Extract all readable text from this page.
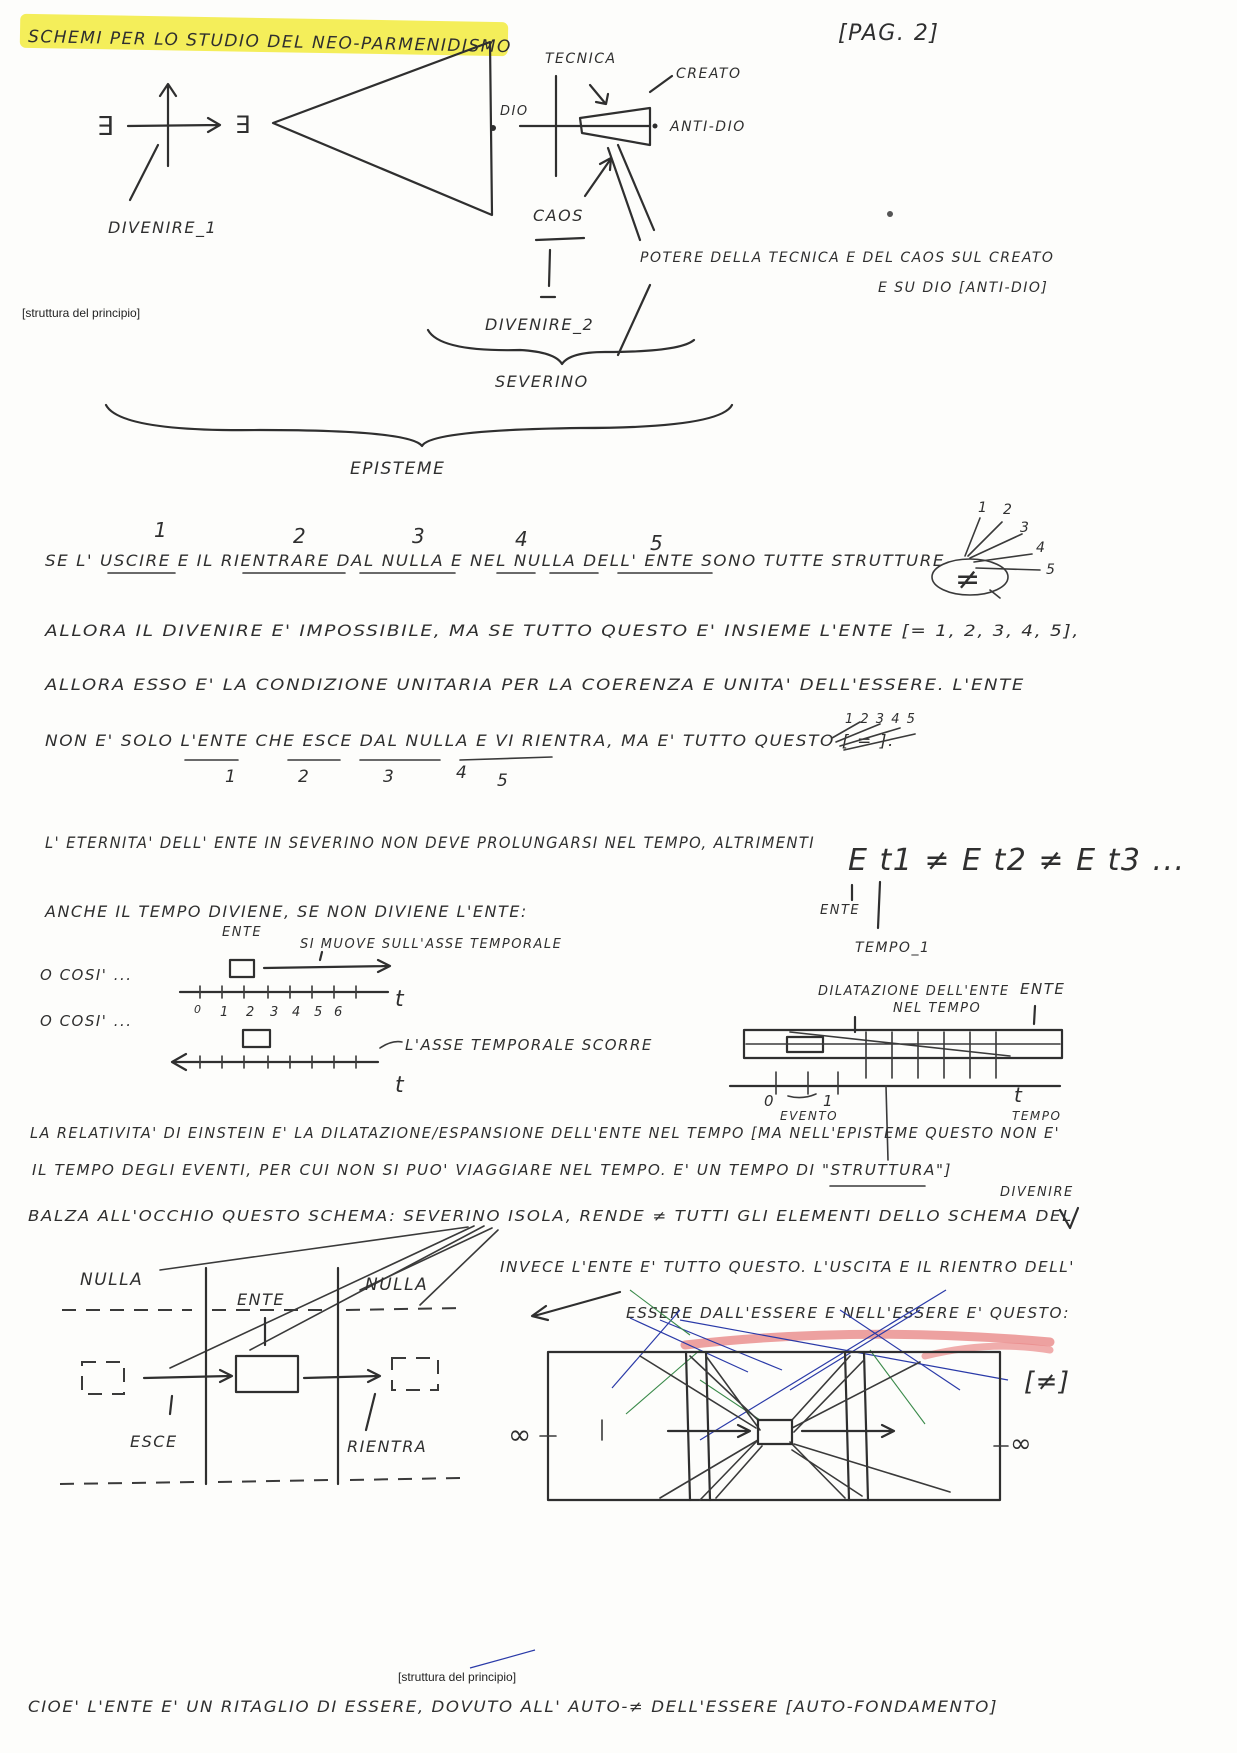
[struttura del principio]
[struttura del principio]
SCHEMI PER LO STUDIO DEL NEO-PARMENIDISMO	[PAG. 2]
∃	∃
DIVENIRE_1
DIO
TECNICA
ANTI-DIO
CREATO
CAOS
POTERE DELLA TECNICA E DEL CAOS SUL CREATO
E SU DIO [ANTI-DIO]
DIVENIRE_2
SEVERINO
EPISTEME
1	2	3	4	5
SE L' USCIRE E IL RIENTRARE DAL NULLA E NEL NULLA DELL' ENTE SONO TUTTE STRUTTURE
≠
1 2
3
4
5
ALLORA IL DIVENIRE E' IMPOSSIBILE, MA SE TUTTO QUESTO E' INSIEME L'ENTE [= 1, 2, 3, 4, 5],
ALLORA ESSO E' LA CONDIZIONE UNITARIA PER LA COERENZA E UNITA' DELL'ESSERE. L'ENTE
NON E' SOLO L'ENTE CHE ESCE DAL NULLA E VI RIENTRA, MA E' TUTTO QUESTO [ = ].
1	2	3	4 5
1 2 3 4 5
L' ETERNITA' DELL' ENTE IN SEVERINO NON DEVE PROLUNGARSI NEL TEMPO, ALTRIMENTI
E t1 ≠ E t2 ≠ E t3 ...
ENTE
TEMPO_1
ANCHE IL TEMPO DIVIENE, SE NON DIVIENE L'ENTE:
ENTE
SI MUOVE SULL'ASSE TEMPORALE
O COSI' ...
0 1 2 3 4 5 6
t
O COSI' ...
L'ASSE TEMPORALE SCORRE
t
DILATAZIONE DELL'ENTE
NEL TEMPO
ENTE
0	1
EVENTO
t
TEMPO
LA RELATIVITA' DI EINSTEIN E' LA DILATAZIONE/ESPANSIONE DELL'ENTE NEL TEMPO [MA NELL'EPISTEME QUESTO NON E'
IL TEMPO DEGLI EVENTI, PER CUI NON SI PUO' VIAGGIARE NEL TEMPO. E' UN TEMPO DI "STRUTTURA"]
BALZA ALL'OCCHIO QUESTO SCHEMA: SEVERINO ISOLA, RENDE ≠ TUTTI GLI ELEMENTI DELLO SCHEMA DEL
DIVENIRE
NULLA	NULLA
ENTE
ESCE	RIENTRA
INVECE L'ENTE E' TUTTO QUESTO. L'USCITA E IL RIENTRO DELL'
ESSERE DALL'ESSERE E NELL'ESSERE E' QUESTO:
[≠]
∞	∞
CIOE' L'ENTE E' UN RITAGLIO DI ESSERE, DOVUTO ALL' AUTO-≠ DELL'ESSERE [AUTO-FONDAMENTO]
